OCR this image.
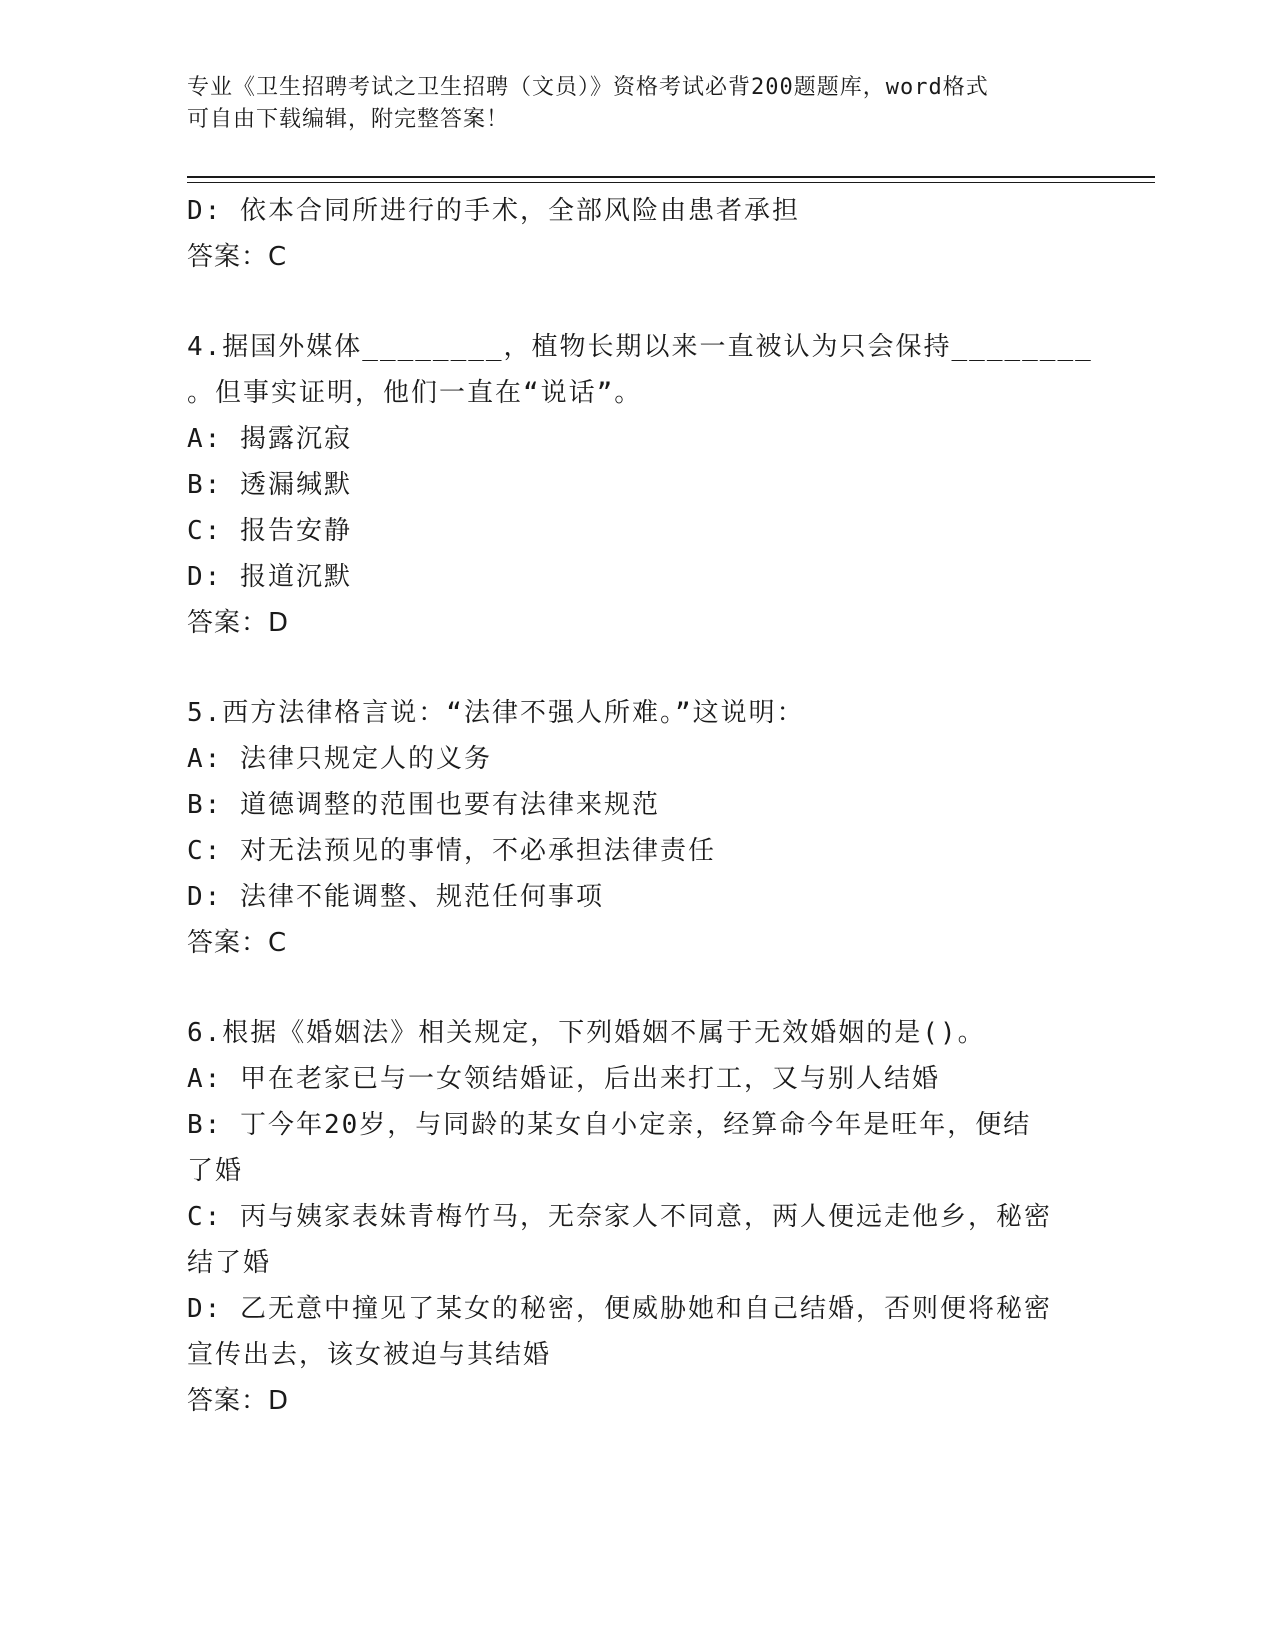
专业《卫生招聘考试之卫生招聘（文员）》资格考试必背200题题库，word格式
可自由下载编辑，附完整答案！
D: 依本合同所进行的手术，全部风险由患者承担
答案：C
4.据国外媒体________，植物长期以来一直被认为只会保持________
。但事实证明，他们一直在“说话”。
A: 揭露沉寂
B: 透漏缄默
C: 报告安静
D: 报道沉默
答案：D
5.西方法律格言说：“法律不强人所难。”这说明：
A: 法律只规定人的义务
B: 道德调整的范围也要有法律来规范
C: 对无法预见的事情，不必承担法律责任
D: 法律不能调整、规范任何事项
答案：C
6.根据《婚姻法》相关规定，下列婚姻不属于无效婚姻的是()。
A: 甲在老家已与一女领结婚证，后出来打工，又与别人结婚
B: 丁今年20岁，与同龄的某女自小定亲，经算命今年是旺年，便结
了婚
C: 丙与姨家表妹青梅竹马，无奈家人不同意，两人便远走他乡，秘密
结了婚
D: 乙无意中撞见了某女的秘密，便威胁她和自己结婚，否则便将秘密
宣传出去，该女被迫与其结婚
答案：D
